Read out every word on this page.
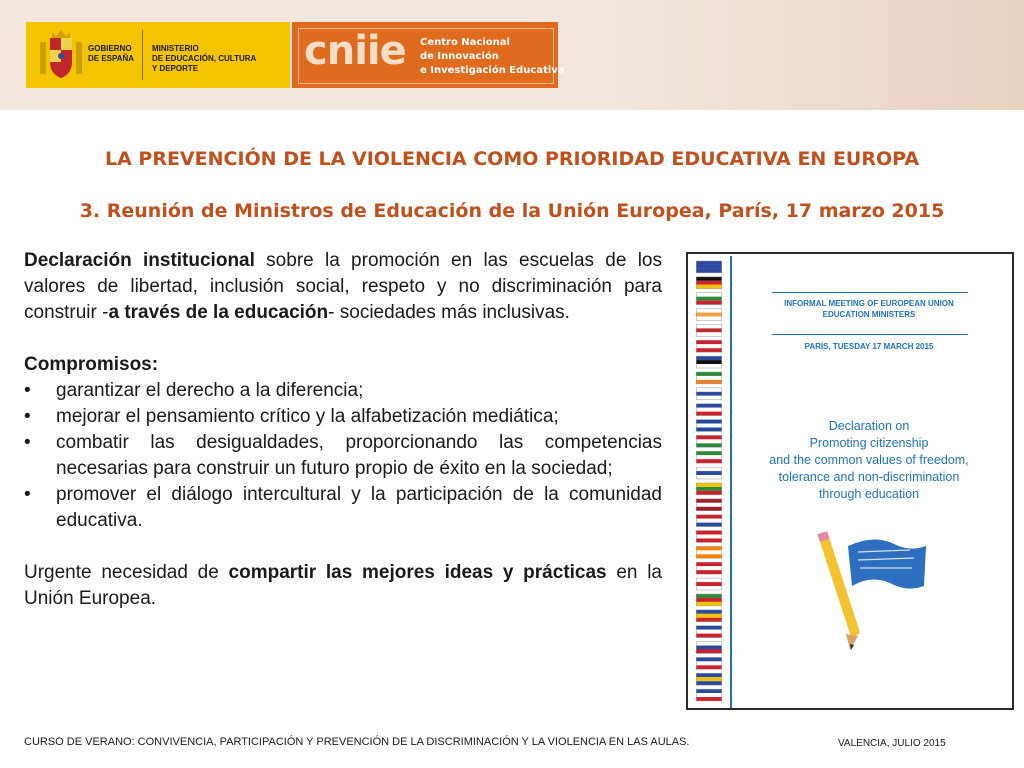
GOBIERNO
DE ESPAÑA
MINISTERIO
DE EDUCACIÓN, CULTURA
Y DEPORTE	cniie Centro Nacional
de Innovación
e Investigación Educativa
LA PREVENCIÓN DE LA VIOLENCIA COMO PRIORIDAD EDUCATIVA EN EUROPA
3. Reunión de Ministros de Educación de la Unión Europea, París, 17 marzo 2015

Declaración institucional sobre la promoción en las escuelas de los valores de libertad, inclusión social, respeto y no discriminación para construir -a través de la educación- sociedades más inclusivas.

Compromisos:

• garantizar el derecho a la diferencia;
• mejorar el pensamiento crítico y la alfabetización mediática;
• combatir las desigualdades, proporcionando las competencias necesarias para construir un futuro propio de éxito en la sociedad;
• promover el diálogo intercultural y la participación de la comunidad educativa.

Urgente necesidad de compartir las mejores ideas y prácticas en la Unión Europea.

INFORMAL MEETING OF EUROPEAN UNION
EDUCATION MINISTERS
PARIS, TUESDAY 17 MARCH 2015
Declaration on
Promoting citizenship
and the common values of freedom,
tolerance and non-discrimination
through education
CURSO DE VERANO: CONVIVENCIA, PARTICIPACIÓN Y PREVENCIÓN DE LA DISCRIMINACIÓN Y LA VIOLENCIA EN LAS AULAS.	VALENCIA, JULIO 2015
